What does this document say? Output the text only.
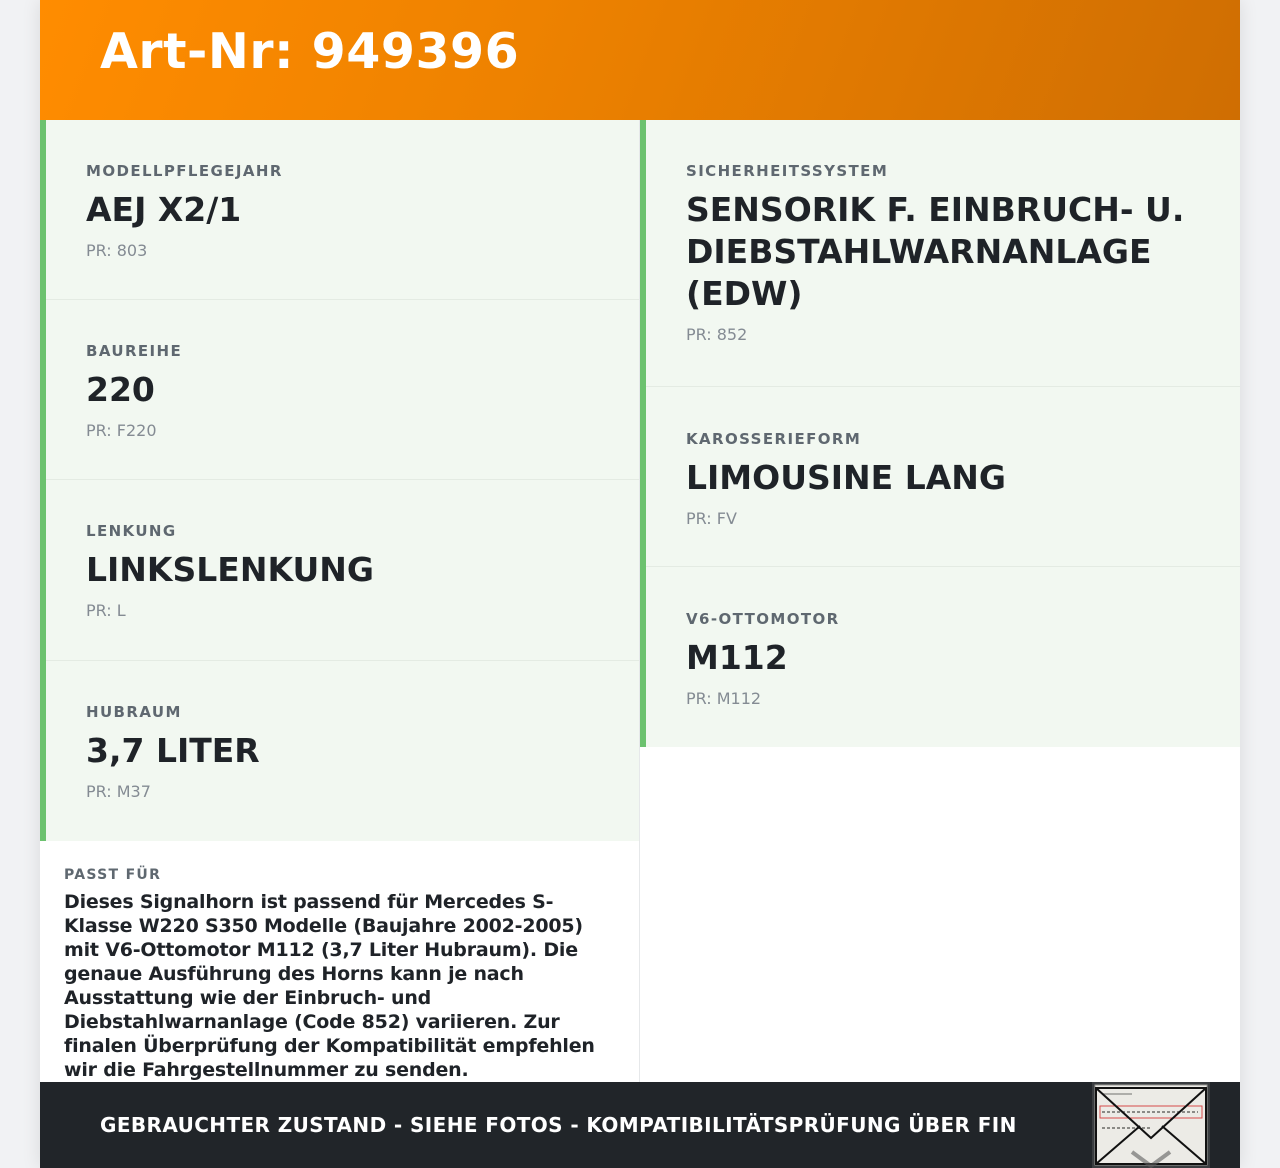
Art-Nr: 949396
MODELLPFLEGEJAHR
AEJ X2/1
PR: 803
BAUREIHE
220
PR: F220
LENKUNG
LINKSLENKUNG
PR: L
HUBRAUM
3,7 LITER
PR: M37
PASST FÜR
Dieses Signalhorn ist passend für Mercedes S-Klasse W220 S350 Modelle (Baujahre 2002-2005) mit V6-Ottomotor M112 (3,7 Liter Hubraum). Die genaue Ausführung des Horns kann je nach Ausstattung wie der Einbruch- und Diebstahlwarnanlage (Code 852) variieren. Zur finalen Überprüfung der Kompatibilität empfehlen wir die Fahrgestellnummer zu senden.
SICHERHEITSSYSTEM
SENSORIK F. EINBRUCH- U. DIEBSTAHLWARNANLAGE (EDW)
PR: 852
KAROSSERIEFORM
LIMOUSINE LANG
PR: FV
V6-OTTOMOTOR
M112
PR: M112
GEBRAUCHTER ZUSTAND - SIEHE FOTOS - KOMPATIBILITÄTSPRÜFUNG ÜBER FIN
